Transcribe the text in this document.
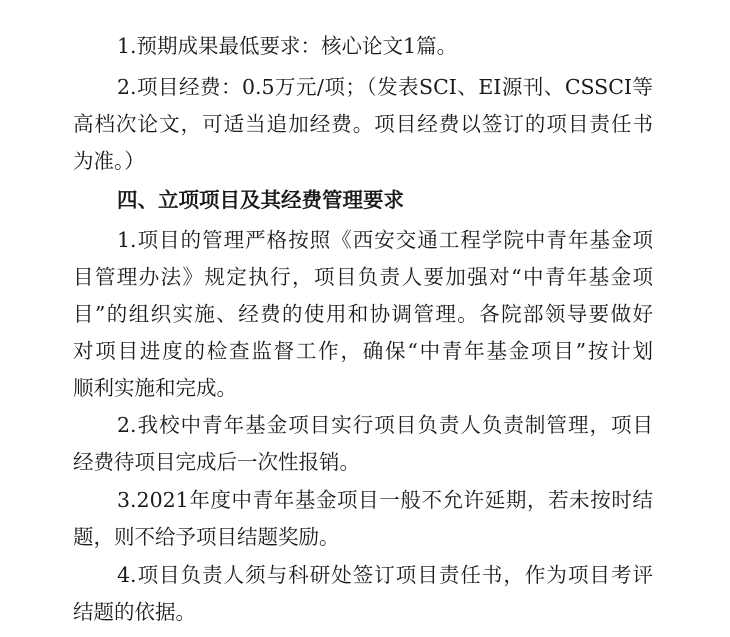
1.预期成果最低要求：核心论文1篇。
2.项目经费：0.5万元/项；（发表SCI、EI源刊、CSSCI等
高档次论文，可适当追加经费。项目经费以签订的项目责任书
为准。）
四、立项项目及其经费管理要求
1.项目的管理严格按照《西安交通工程学院中青年基金项
目管理办法》规定执行，项目负责人要加强对“中青年基金项
目”的组织实施、经费的使用和协调管理。各院部领导要做好
对项目进度的检查监督工作，确保“中青年基金项目”按计划
顺利实施和完成。
2.我校中青年基金项目实行项目负责人负责制管理，项目
经费待项目完成后一次性报销。
3.2021年度中青年基金项目一般不允许延期，若未按时结
题，则不给予项目结题奖励。
4.项目负责人须与科研处签订项目责任书，作为项目考评
结题的依据。
